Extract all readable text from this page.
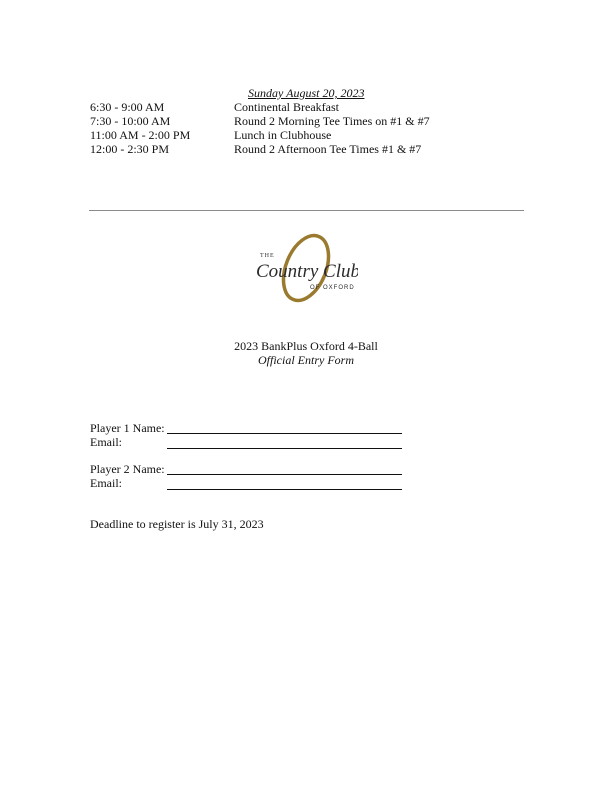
Sunday August 20, 2023
6:30 - 9:00 AM	Continental Breakfast
7:30 - 10:00 AM	Round 2 Morning Tee Times on #1 & #7
11:00 AM - 2:00 PM	Lunch in Clubhouse
12:00 - 2:30 PM	Round 2 Afternoon Tee Times #1 & #7
THE
Country Club
OF OXFORD
2023 BankPlus Oxford 4-Ball
Official Entry Form
Player 1 Name:
Email:
Player 2 Name:
Email:
Deadline to register is July 31, 2023
